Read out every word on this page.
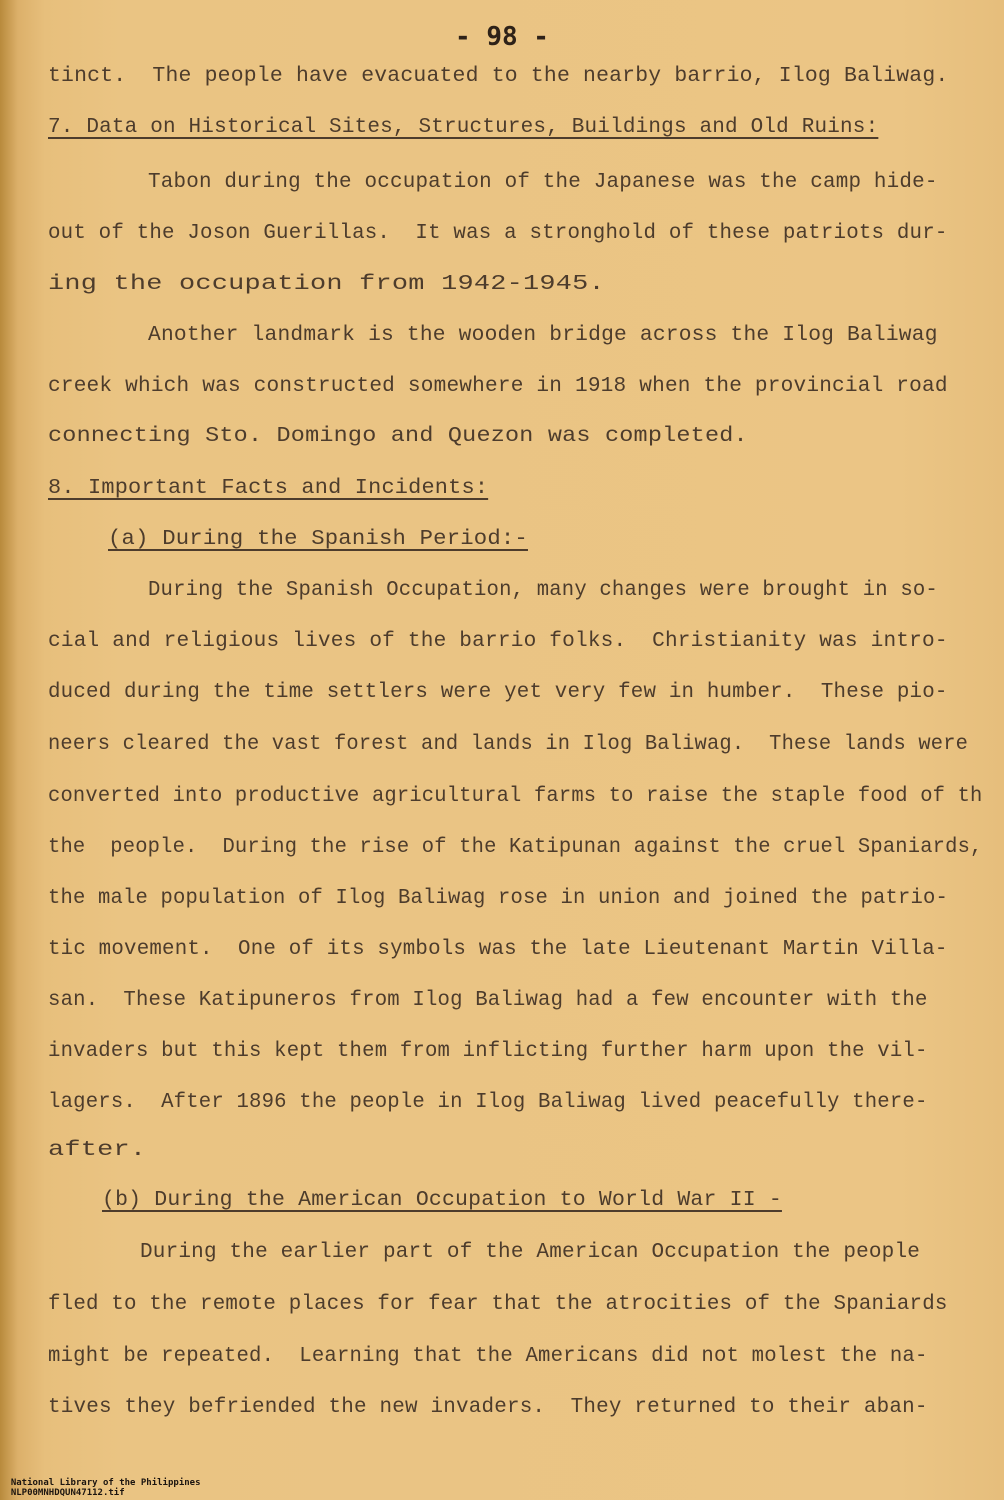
- 98 -
tinct.  The people have evacuated to the nearby barrio, Ilog Baliwag.
7. Data on Historical Sites, Structures, Buildings and Old Ruins:
Tabon during the occupation of the Japanese was the camp hide-
out of the Joson Guerillas.  It was a stronghold of these patriots dur-
ing the occupation from 1942-1945.
Another landmark is the wooden bridge across the Ilog Baliwag
creek which was constructed somewhere in 1918 when the provincial road
connecting Sto. Domingo and Quezon was completed.
8. Important Facts and Incidents:
(a) During the Spanish Period:-
During the Spanish Occupation, many changes were brought in so-
cial and religious lives of the barrio folks.  Christianity was intro-
duced during the time settlers were yet very few in humber.  These pio-
neers cleared the vast forest and lands in Ilog Baliwag.  These lands were
converted into productive agricultural farms to raise the staple food of th
the  people.  During the rise of the Katipunan against the cruel Spaniards,
the male population of Ilog Baliwag rose in union and joined the patrio-
tic movement.  One of its symbols was the late Lieutenant Martin Villa-
san.  These Katipuneros from Ilog Baliwag had a few encounter with the
invaders but this kept them from inflicting further harm upon the vil-
lagers.  After 1896 the people in Ilog Baliwag lived peacefully there-
after.
(b) During the American Occupation to World War II -
During the earlier part of the American Occupation the people
fled to the remote places for fear that the atrocities of the Spaniards
might be repeated.  Learning that the Americans did not molest the na-
tives they befriended the new invaders.  They returned to their aban-

National Library of the Philippines
NLP00MNHDQUN47112.tif
